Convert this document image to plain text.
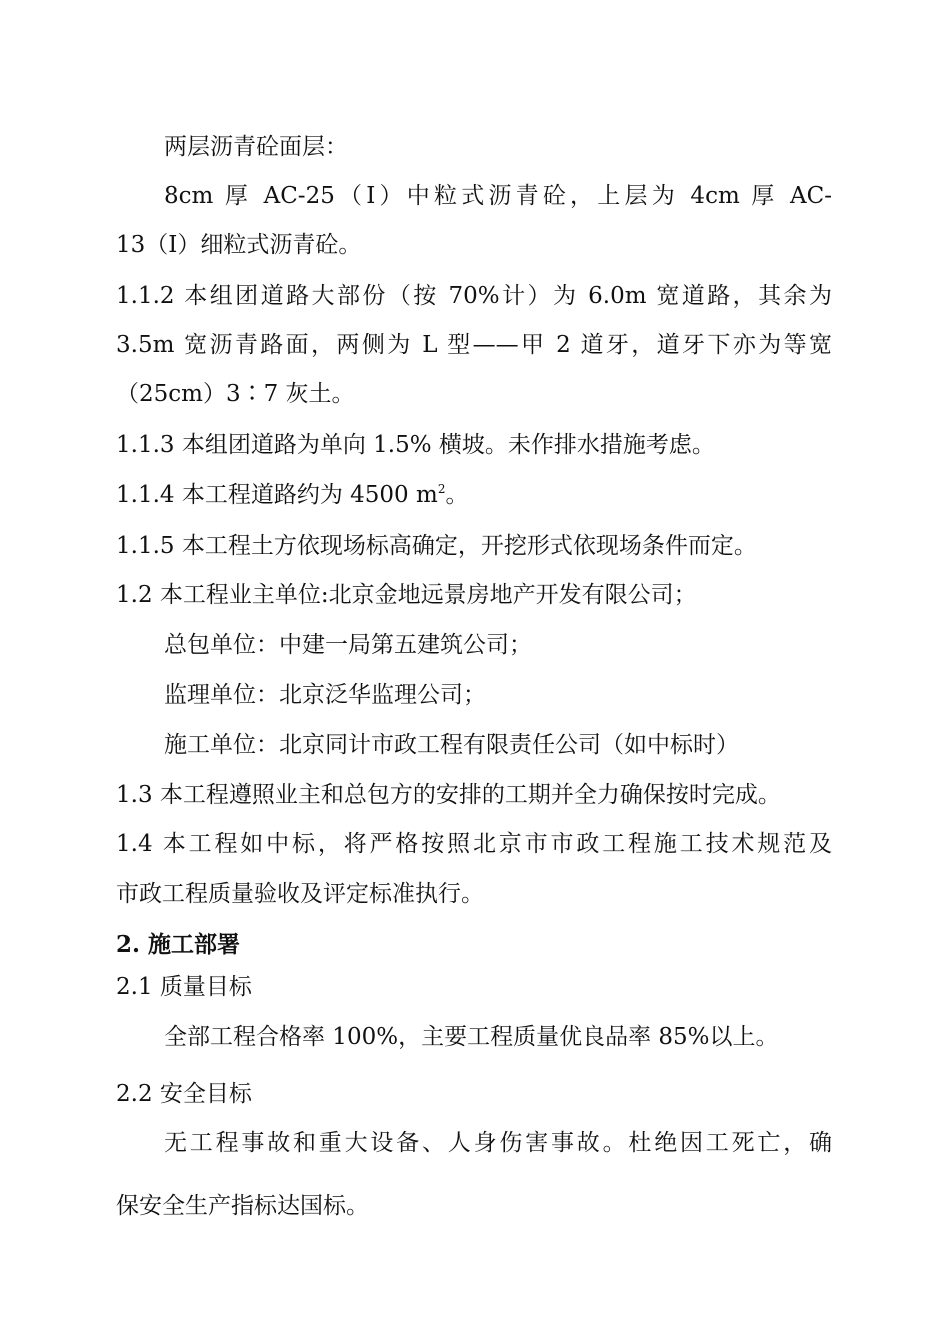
两层沥青砼面层：
8cm 厚 AC-25（Ⅰ）中粒式沥青砼，上层为 4cm 厚 AC-
13（Ⅰ）细粒式沥青砼。
1.1.2 本组团道路大部份（按 70%计）为 6.0m 宽道路，其余为
3.5m 宽沥青路面，两侧为 L 型——甲 2 道牙，道牙下亦为等宽
（25cm）3∶7 灰土。
1.1.3 本组团道路为单向 1.5% 横坡。未作排水措施考虑。
1.1.4 本工程道路约为 4500 $m^2$。
1.1.5 本工程土方依现场标高确定，开挖形式依现场条件而定。
1.2 本工程业主单位:北京金地远景房地产开发有限公司；
总包单位：中建一局第五建筑公司；
监理单位：北京泛华监理公司；
施工单位：北京同计市政工程有限责任公司（如中标时）
1.3 本工程遵照业主和总包方的安排的工期并全力确保按时完成。
1.4 本工程如中标，将严格按照北京市市政工程施工技术规范及
市政工程质量验收及评定标准执行。
2. 施工部署
2.1 质量目标
全部工程合格率 100%，主要工程质量优良品率 85%以上。
2.2 安全目标
无工程事故和重大设备、人身伤害事故。杜绝因工死亡，确
保安全生产指标达国标。
